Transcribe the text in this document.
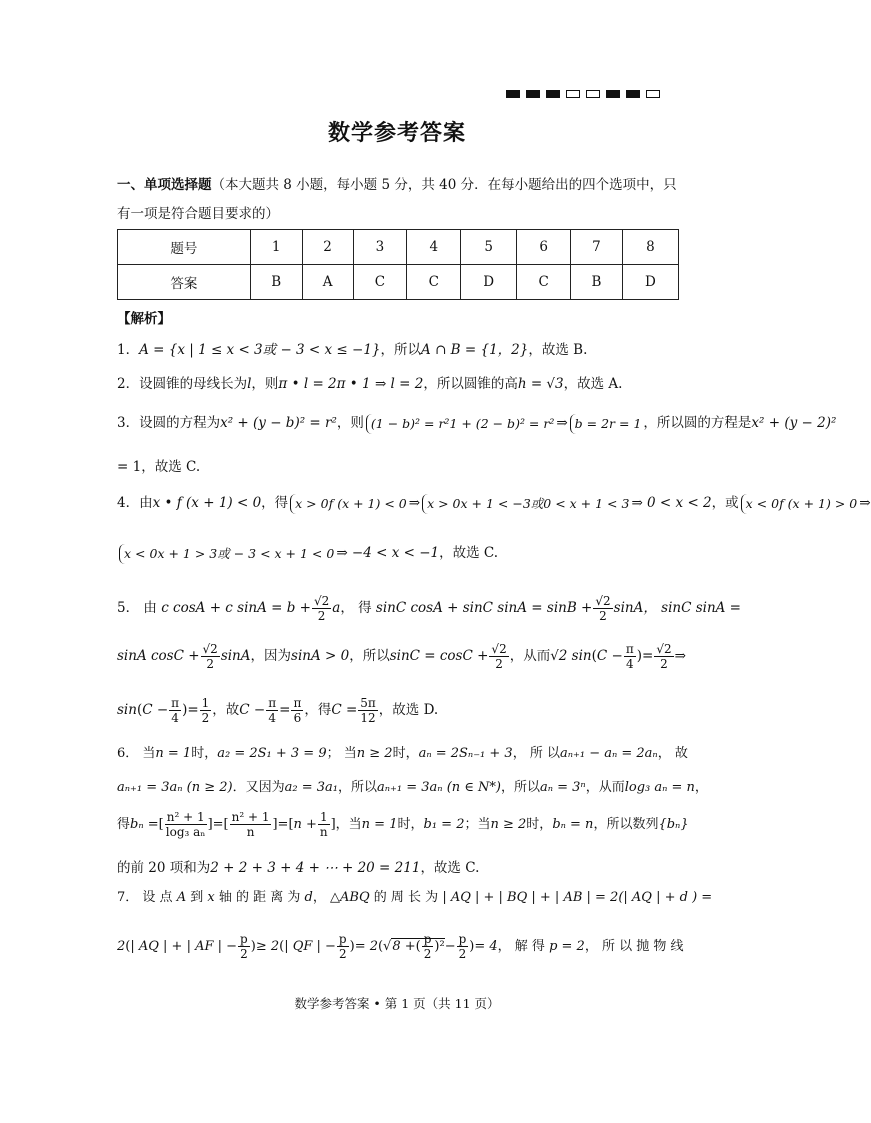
数学参考答案
一、单项选择题（本大题共 8 小题，每小题 5 分，共 40 分．在每小题给出的四个选项中，只
有一项是符合题目要求的）
题号	1	2	3	4	5	6	7	8
答案	B	A	C	C	D	C	B	D
【解析】
1．A = {x | 1 ≤ x < 3或 − 3 < x ≤ −1}，所以A ∩ B = {1，2}，故选 B.
2．设圆锥的母线长为l，则π • l = 2π • 1 ⇒ l = 2，所以圆锥的高h = √3，故选 A.
3．设圆的方程为x² + (y − b)² = r²，则 (1 − b)² = r²1 + (2 − b)² = r² ⇒ b = 2r = 1 ，所以圆的方程是x² + (y − 2)²
= 1，故选 C.
4．由x • f (x + 1) < 0，得 x > 0f (x + 1) < 0 ⇒ x > 0x + 1 < −3或0 < x + 1 < 3 ⇒ 0 < x < 2，或 x < 0f (x + 1) > 0 ⇒
x < 0x + 1 > 3或 − 3 < x + 1 < 0 ⇒ −4 < x < −1，故选 C.
5． 由 c cosA + c $\sin A = b + \frac{√2}{2}$ a， 得 sinC cosA + sinC $\sin A = \sin B + \frac{√2}{2}$ sinA， sinC sinA =
sinA $\cos C + \frac{√2}{2}$ sinA，因为sinA > 0，所以$\sin C = \cos C + \frac{√2}{2}$ ，从而√2 $\sin(C - \frac{\pi}{4}$ )= $\frac{√2}{2}$ ⇒
$\sin(C - \frac{\pi}{4}$ )= $\frac{1}{2}$ ，故$C - \frac{\pi}{4} = \frac{\pi}{6}$ ，得$C = \frac{5\pi}{12}$ ，故选 D.
6． 当n = 1时，a₂ = 2S₁ + 3 = 9； 当n ≥ 2时，aₙ = 2Sₙ₋₁ + 3， 所 以aₙ₊₁ − aₙ = 2aₙ， 故
aₙ₊₁ = 3aₙ (n ≥ 2)．又因为a₂ = 3a₁，所以aₙ₊₁ = 3aₙ (n ∈ N*)，所以aₙ = 3ⁿ，从而log₃ aₙ = n，
得bₙ =[ $\frac{\text{n² + 1}}{\text{log₃ aₙ}}$ ]=[ $\frac{\text{n² + 1}}{n} ]=[n + \frac{1}{n}$ ]，当n = 1时，b₁ = 2；当n ≥ 2时，bₙ = n，所以数列{bₙ}
的前 20 项和为2 + 2 + 3 + 4 + ⋯ + 20 = 211，故选 C.
7． 设 点 A 到 x 轴 的 距 离 为 d， △ABQ 的 周 长 为 | AQ | + | BQ | + | AB | = 2(| AQ | + d ) =
2(| AQ | + | AF | − $\frac{p}{2}$ )≥ 2(| QF | − $\frac{p}{2}$ )= 2(√8 +( $\frac{p}{2} )^2- \frac{p}{2}$ )= 4， 解 得 p = 2， 所 以 抛 物 线
数学参考答案 • 第 1 页（共 11 页）
